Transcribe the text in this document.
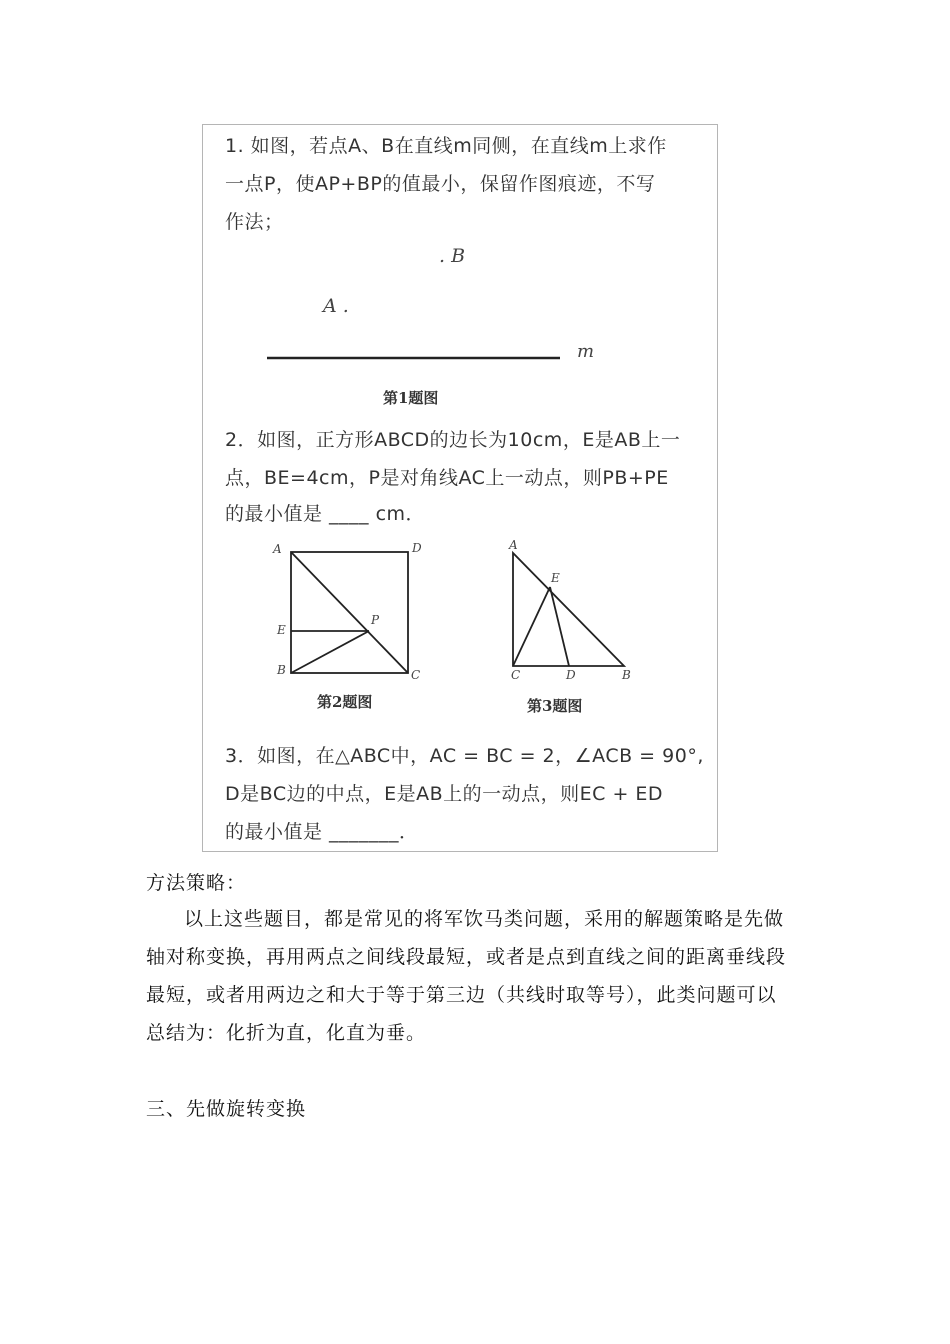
1. 如图，若点A、B在直线m同侧，在直线m上求作
一点P，使AP+BP的值最小，保留作图痕迹，不写
作法；
. B
A .
m
第1题图
2．如图，正方形ABCD的边长为10cm，E是AB上一
点，BE=4cm，P是对角线AC上一动点，则PB+PE
的最小值是 ____ cm．
A	D
E
P
B	C
第2题图
A
E
C	D	B
第3题图
3．如图，在△ABC中，AC = BC = 2，∠ACB = 90°,
D是BC边的中点，E是AB上的一动点，则EC + ED
的最小值是 _______．
方法策略：
以上这些题目，都是常见的将军饮马类问题，采用的解题策略是先做
轴对称变换，再用两点之间线段最短，或者是点到直线之间的距离垂线段
最短，或者用两边之和大于等于第三边（共线时取等号），此类问题可以
总结为：化折为直，化直为垂。
三、先做旋转变换
